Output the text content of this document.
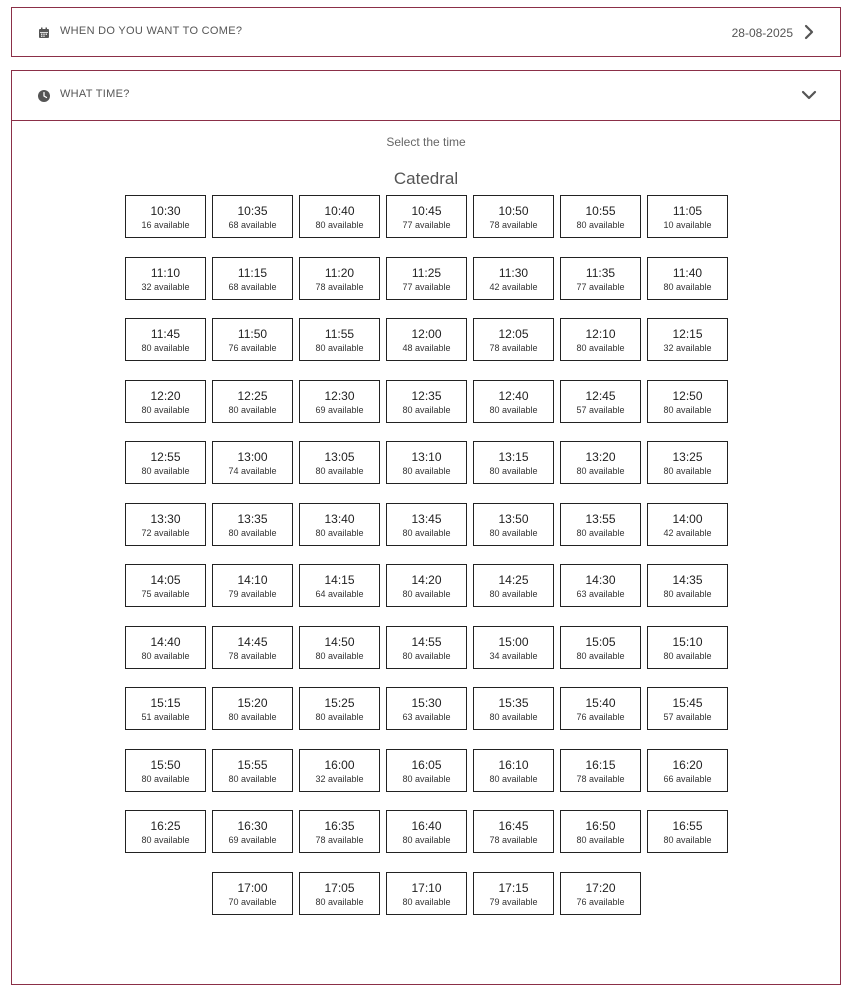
WHEN DO YOU WANT TO COME?	28-08-2025
WHAT TIME?
Select the time
Catedral
10:30
16 available
10:35
68 available
10:40
80 available
10:45
77 available
10:50
78 available
10:55
80 available
11:05
10 available
11:10
32 available
11:15
68 available
11:20
78 available
11:25
77 available
11:30
42 available
11:35
77 available
11:40
80 available
11:45
80 available
11:50
76 available
11:55
80 available
12:00
48 available
12:05
78 available
12:10
80 available
12:15
32 available
12:20
80 available
12:25
80 available
12:30
69 available
12:35
80 available
12:40
80 available
12:45
57 available
12:50
80 available
12:55
80 available
13:00
74 available
13:05
80 available
13:10
80 available
13:15
80 available
13:20
80 available
13:25
80 available
13:30
72 available
13:35
80 available
13:40
80 available
13:45
80 available
13:50
80 available
13:55
80 available
14:00
42 available
14:05
75 available
14:10
79 available
14:15
64 available
14:20
80 available
14:25
80 available
14:30
63 available
14:35
80 available
14:40
80 available
14:45
78 available
14:50
80 available
14:55
80 available
15:00
34 available
15:05
80 available
15:10
80 available
15:15
51 available
15:20
80 available
15:25
80 available
15:30
63 available
15:35
80 available
15:40
76 available
15:45
57 available
15:50
80 available
15:55
80 available
16:00
32 available
16:05
80 available
16:10
80 available
16:15
78 available
16:20
66 available
16:25
80 available
16:30
69 available
16:35
78 available
16:40
80 available
16:45
78 available
16:50
80 available
16:55
80 available
17:00
70 available
17:05
80 available
17:10
80 available
17:15
79 available
17:20
76 available
